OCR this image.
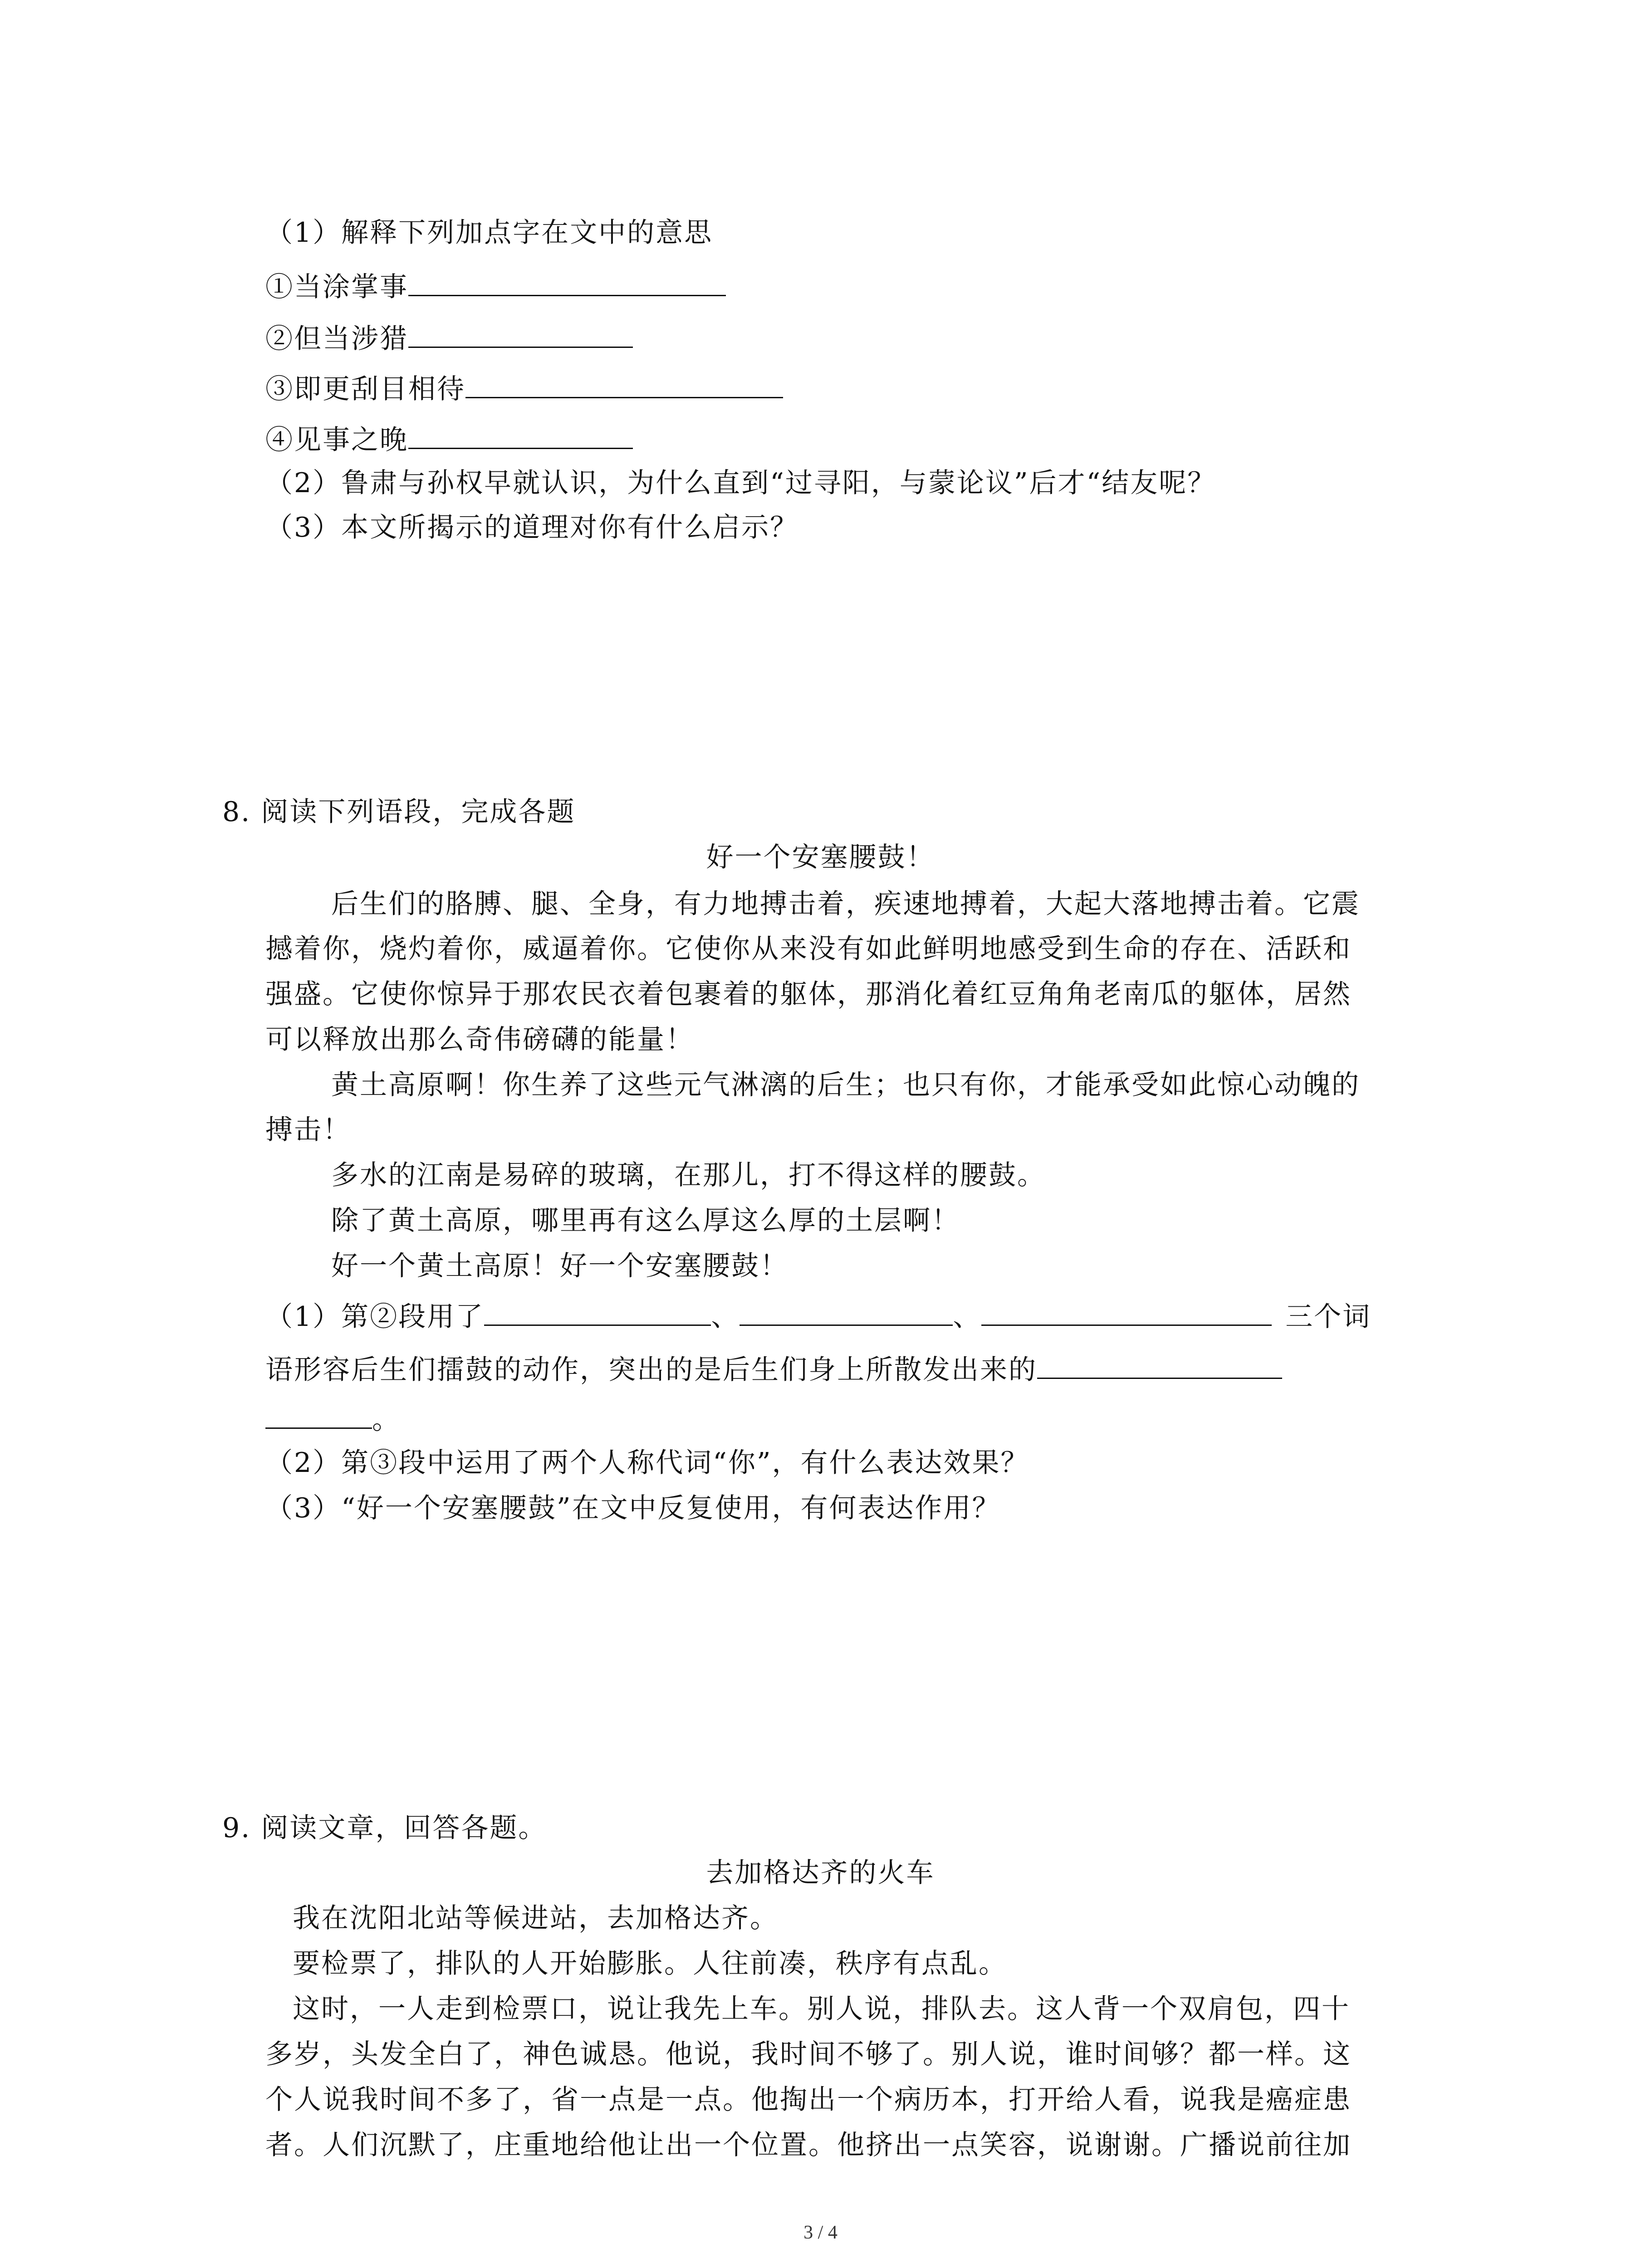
（1）解释下列加点字在文中的意思
①当涂掌事
②但当涉猎
③即更刮目相待
④见事之晚
（2）鲁肃与孙权早就认识，为什么直到“过寻阳，与蒙论议”后才“结友呢？
（3）本文所揭示的道理对你有什么启示？
8. 阅读下列语段，完成各题
好一个安塞腰鼓！
后生们的胳膊、腿、全身，有力地搏击着，疾速地搏着，大起大落地搏击着。它震
撼着你，烧灼着你，威逼着你。它使你从来没有如此鲜明地感受到生命的存在、活跃和
强盛。它使你惊异于那农民衣着包裹着的躯体，那消化着红豆角角老南瓜的躯体，居然
可以释放出那么奇伟磅礴的能量！
黄土高原啊！你生养了这些元气淋漓的后生；也只有你，才能承受如此惊心动魄的
搏击！
多水的江南是易碎的玻璃，在那儿，打不得这样的腰鼓。
除了黄土高原，哪里再有这么厚这么厚的土层啊！
好一个黄土高原！好一个安塞腰鼓！
（1）第②段用了	、	、	三个词
语形容后生们擂鼓的动作，突出的是后生们身上所散发出来的
。
（2）第③段中运用了两个人称代词“你”，有什么表达效果？
（3）“好一个安塞腰鼓”在文中反复使用，有何表达作用？
9. 阅读文章，回答各题。
去加格达齐的火车
我在沈阳北站等候进站，去加格达齐。
要检票了，排队的人开始膨胀。人往前凑，秩序有点乱。
这时，一人走到检票口，说让我先上车。别人说，排队去。这人背一个双肩包，四十
多岁，头发全白了，神色诚恳。他说，我时间不够了。别人说，谁时间够？都一样。这
个人说我时间不多了，省一点是一点。他掏出一个病历本，打开给人看，说我是癌症患
者。人们沉默了，庄重地给他让出一个位置。他挤出一点笑容，说谢谢。广播说前往加
3 / 4
